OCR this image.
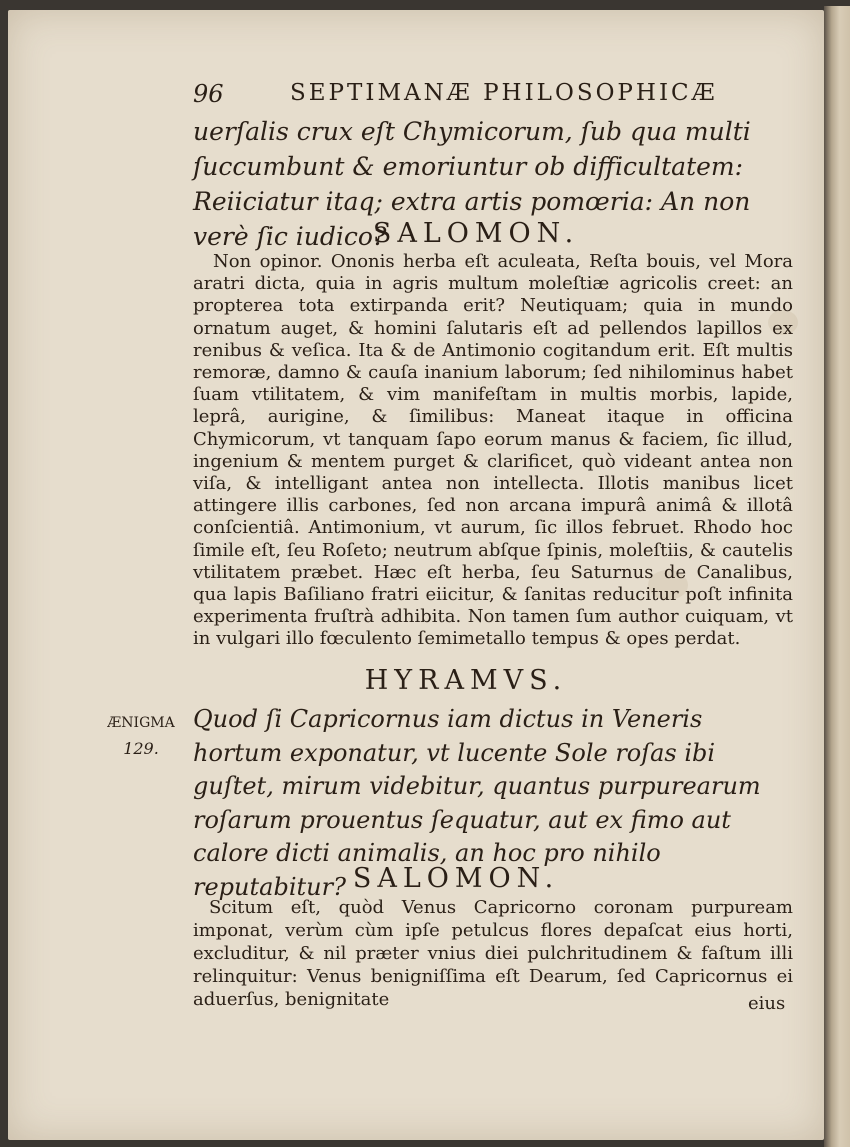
96	SEPTIMANÆ PHILOSOPHICÆ
uerſalis crux eſt Chymicorum, ſub qua multi ſuccumbunt & emoriuntur ob difficultatem: Reiiciatur itaq; extra artis pomœria: An non verè ſic iudico?
SALOMON.

Non opinor. Ononis herba eſt aculeata, Reſta bouis, vel Mora aratri dicta, quia in agris multum moleſtiæ agricolis creet: an propterea tota extirpanda erit? Neutiquam; quia in mundo ornatum auget, & homini ſalutaris eſt ad pellendos lapillos ex renibus & veſica. Ita & de Antimonio cogitandum erit. Eſt multis remoræ, damno & cauſa inanium laborum; ſed nihilominus habet ſuam vtilitatem, & vim manifeſtam in multis morbis, lapide, leprâ, aurigine, & ſimilibus: Maneat itaque in officina Chymicorum, vt tanquam ſapo eorum manus & faciem, ſic illud, ingenium & mentem purget & clarificet, quò videant antea non viſa, & intelligant antea non intellecta. Illotis manibus licet attingere illis carbones, ſed non arcana impurâ animâ & illotâ conſcientiâ. Antimonium, vt aurum, ſic illos februet. Rhodo hoc ſimile eſt, ſeu Roſeto; neutrum abſque ſpinis, moleſtiis, & cautelis vtilitatem præbet. Hæc eſt herba, ſeu Saturnus de Canalibus, qua lapis Baſiliano fratri eiicitur, & ſanitas reducitur poſt infinita experimenta fruſtrà adhibita. Non tamen ſum author cuiquam, vt in vulgari illo fœculento ſemimetallo tempus & opes perdat.

HYRAMVS.
ÆNIGMA
129.
Quod ſi Capricornus iam dictus in Veneris hortum exponatur, vt lucente Sole roſas ibi guſtet, mirum videbitur, quantus purpurearum roſarum prouentus ſequatur, aut ex fimo aut calore dicti animalis, an hoc pro nihilo reputabitur? SALOMON.

Scitum eſt, quòd Venus Capricorno coronam purpuream imponat, verùm cùm ipſe petulcus flores depaſcat eius horti, excluditur, & nil præter vnius diei pulchritudinem & faſtum illi relinquitur: Venus benigniſſima eſt Dearum, ſed Capricornus ei aduerſus, benignitate	eius
